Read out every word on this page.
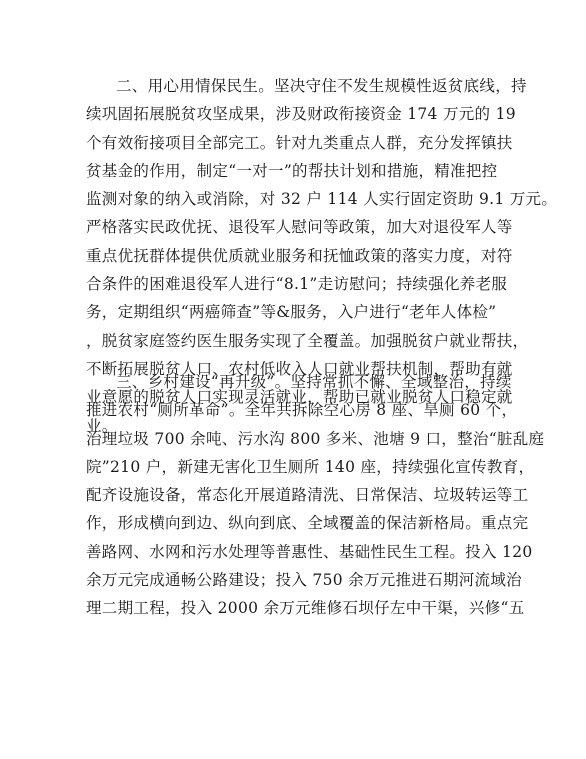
二、用心用情保民生。坚决守住不发生规模性返贫底线，持
续巩固拓展脱贫攻坚成果，涉及财政衔接资金 174 万元的 19
个有效衔接项目全部完工。针对九类重点人群，充分发挥镇扶
贫基金的作用，制定“一对一”的帮扶计划和措施，精准把控
监测对象的纳入或消除，对 32 户 114 人实行固定资助 9.1 万元。
严格落实民政优抚、退役军人慰问等政策，加大对退役军人等
重点优抚群体提供优质就业服务和抚恤政策的落实力度，对符
合条件的困难退役军人进行“8.1”走访慰问；持续强化养老服
务，定期组织“两癌筛查”等&服务，入户进行“老年人体检”
，脱贫家庭签约医生服务实现了全覆盖。加强脱贫户就业帮扶，
不断拓展脱贫人口、农村低收入人口就业帮扶机制，帮助有就
业意愿的脱贫人口实现灵活就业，帮助已就业脱贫人口稳定就
业。
三、乡村建设“再升级”。坚持常抓不懈、全域整治，持续
推进农村“厕所革命”。全年共拆除空心房 8 座、旱厕 60 个，
治理垃圾 700 余吨、污水沟 800 多米、池塘 9 口，整治“脏乱庭
院”210 户，新建无害化卫生厕所 140 座，持续强化宣传教育，
配齐设施设备，常态化开展道路清洗、日常保洁、垃圾转运等工
作，形成横向到边、纵向到底、全域覆盖的保洁新格局。重点完
善路网、水网和污水处理等普惠性、基础性民生工程。投入 120
余万元完成通畅公路建设；投入 750 余万元推进石期河流域治
理二期工程，投入 2000 余万元维修石坝仔左中干渠，兴修“五
